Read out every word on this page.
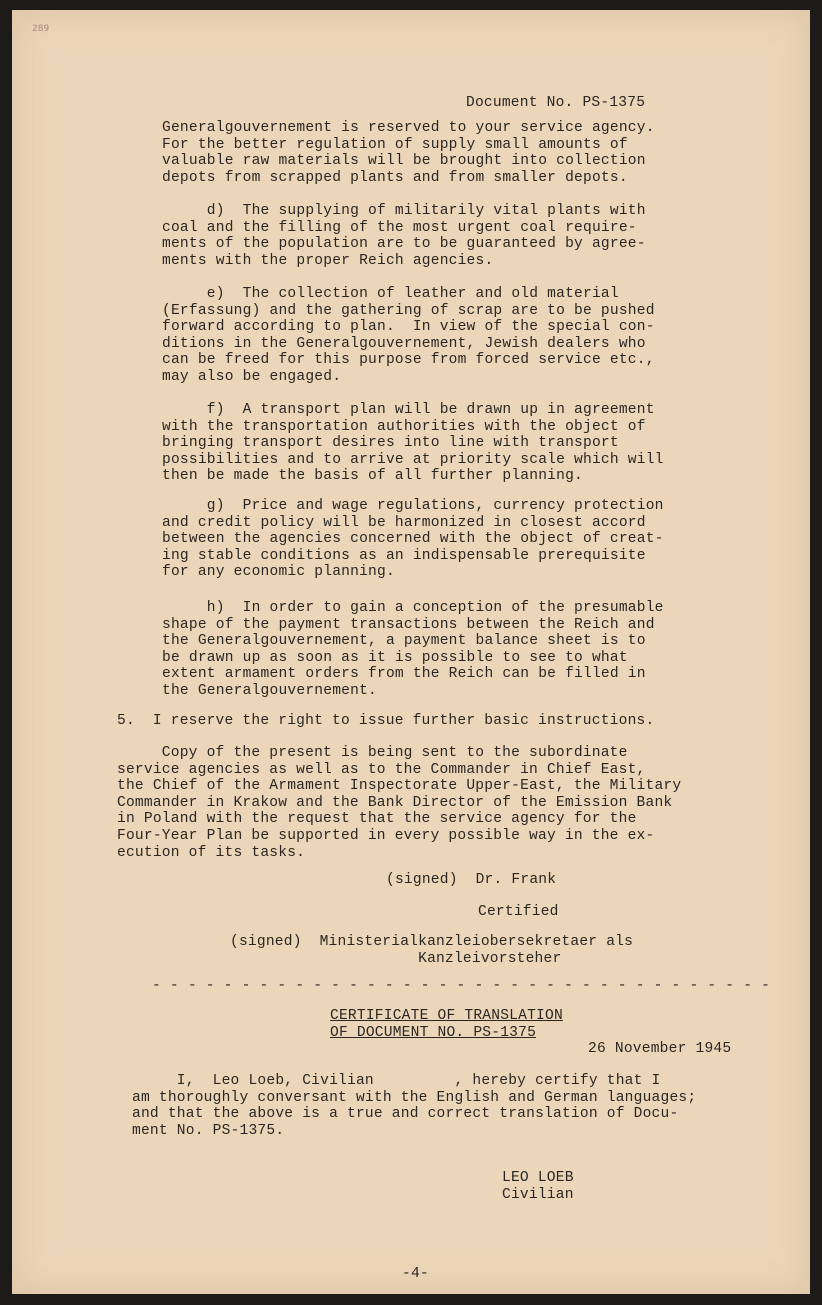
289

Document No. PS-1375

Generalgouvernement is reserved to your service agency.
For the better regulation of supply small amounts of
valuable raw materials will be brought into collection
depots from scrapped plants and from smaller depots.

d)  The supplying of militarily vital plants with
coal and the filling of the most urgent coal require-
ments of the population are to be guaranteed by agree-
ments with the proper Reich agencies.

e)  The collection of leather and old material
(Erfassung) and the gathering of scrap are to be pushed
forward according to plan.  In view of the special con-
ditions in the Generalgouvernement, Jewish dealers who
can be freed for this purpose from forced service etc.,
may also be engaged.

f)  A transport plan will be drawn up in agreement
with the transportation authorities with the object of
bringing transport desires into line with transport
possibilities and to arrive at priority scale which will
then be made the basis of all further planning.

g)  Price and wage regulations, currency protection
and credit policy will be harmonized in closest accord
between the agencies concerned with the object of creat-
ing stable conditions as an indispensable prerequisite
for any economic planning.

h)  In order to gain a conception of the presumable
shape of the payment transactions between the Reich and
the Generalgouvernement, a payment balance sheet is to
be drawn up as soon as it is possible to see to what
extent armament orders from the Reich can be filled in
the Generalgouvernement.

5.  I reserve the right to issue further basic instructions.

Copy of the present is being sent to the subordinate
service agencies as well as to the Commander in Chief East,
the Chief of the Armament Inspectorate Upper-East, the Military
Commander in Krakow and the Bank Director of the Emission Bank
in Poland with the request that the service agency for the
Four-Year Plan be supported in every possible way in the ex-
ecution of its tasks.

(signed)  Dr. Frank

Certified

(signed)  Ministerialkanzleiobersekretaer als
Kanzleivorsteher

- - - - - - - - - - - - - - - - - - - - - - - - - - - - - - - - - - -

CERTIFICATE OF TRANSLATION

OF DOCUMENT NO. PS-1375

26 November 1945

I,  Leo Loeb, Civilian         , hereby certify that I
am thoroughly conversant with the English and German languages;
and that the above is a true and correct translation of Docu-
ment No. PS-1375.

LEO LOEB

Civilian

-4-
